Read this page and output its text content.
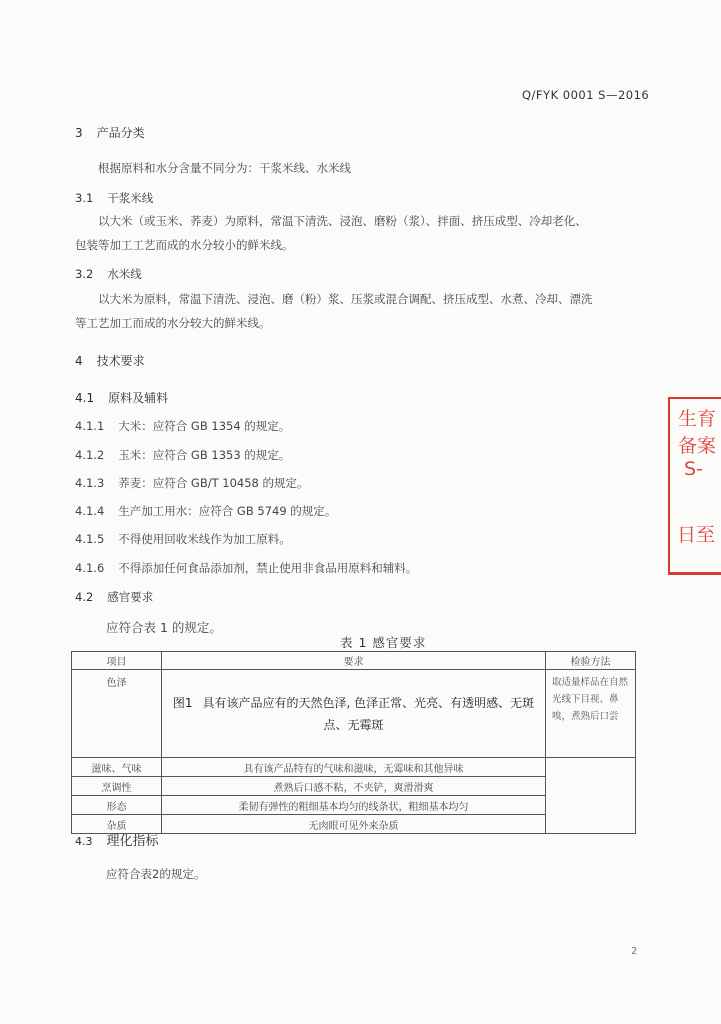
Q/FYK 0001 S—2016
3 产品分类
根据原料和水分含量不同分为：干浆米线、水米线
3.1 干浆米线
以大米（或玉米、荞麦）为原料，常温下清洗、浸泡、磨粉（浆）、拌面、挤压成型、冷却老化、
包装等加工工艺而成的水分较小的鲜米线。
3.2 水米线
以大米为原料，常温下清洗、浸泡、磨（粉）浆、压浆或混合调配、挤压成型、水煮、冷却、漂洗
等工艺加工而成的水分较大的鲜米线。
4 技术要求
4.1 原料及辅料
4.1.1 大米：应符合 GB 1354 的规定。
4.1.2 玉米：应符合 GB 1353 的规定。
4.1.3 荞麦：应符合 GB/T 10458 的规定。
4.1.4 生产加工用水：应符合 GB 5749 的规定。
4.1.5 不得使用回收米线作为加工原料。
4.1.6 不得添加任何食品添加剂，禁止使用非食品用原料和辅料。
4.2 感官要求
应符合表 1 的规定。
表 1 感官要求
项目	要求	检验方法
色泽	图1 具有该产品应有的天然色泽, 色泽正常、光亮、有透明感、无斑点、无霉斑	取适量样品在自然光线下目视、鼻嗅，煮熟后口尝
滋味、气味	具有该产品特有的气味和滋味，无霉味和其他异味	
烹调性	煮熟后口感不粘，不夹铲，爽滑滑爽	
形态	柔韧有弹性的粗细基本均匀的线条状，粗细基本均匀	
杂质	无肉眼可见外来杂质	
4.3 理化指标
应符合表2的规定。
生育
备案
S-
日至
2
